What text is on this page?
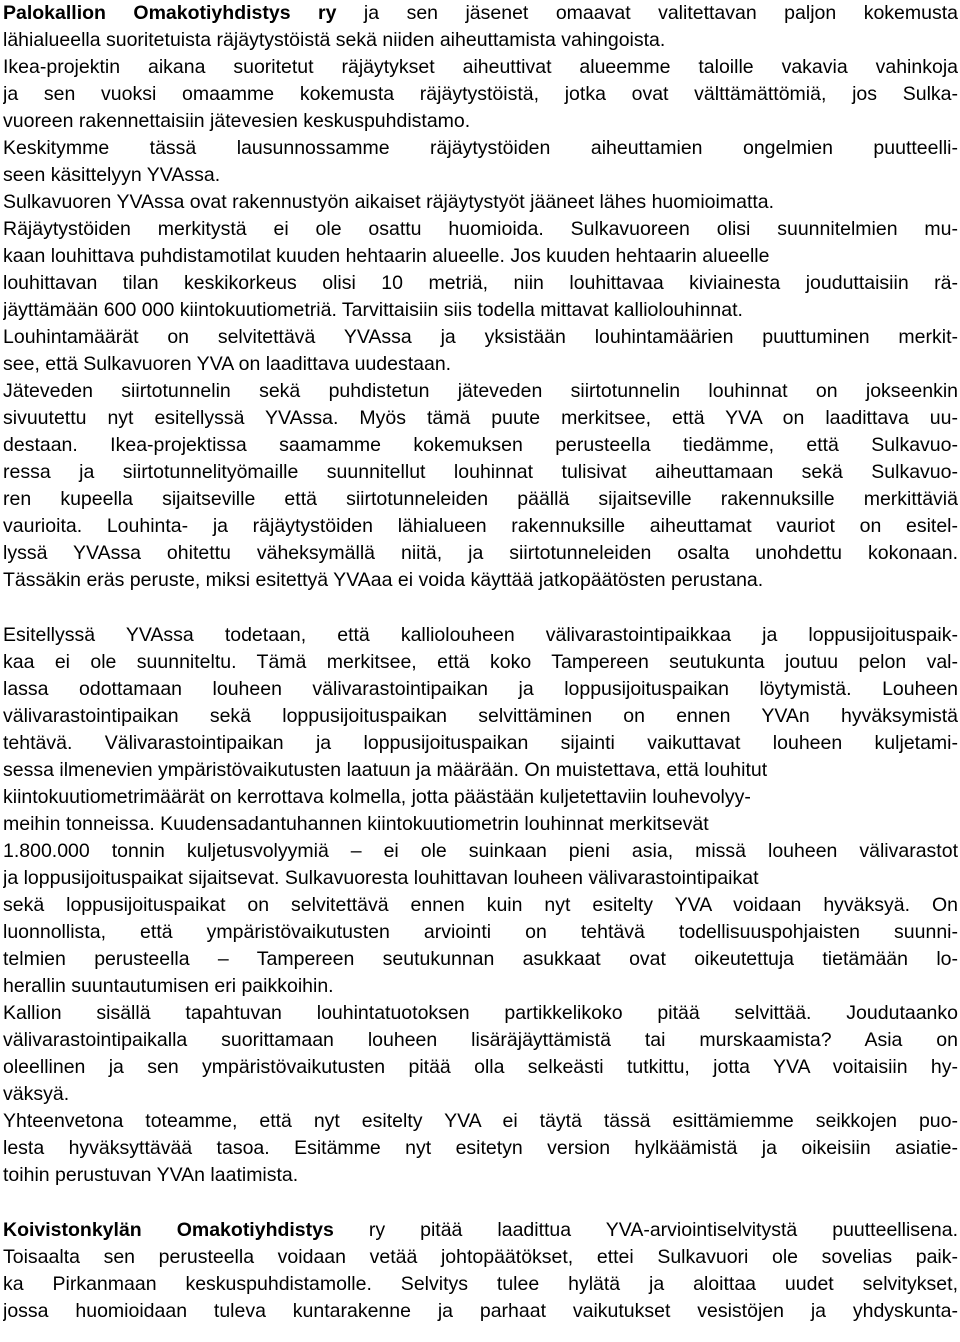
Palokallion Omakotiyhdistys ry ja sen jäsenet omaavat valitettavan paljon kokemusta
lähialueella suoritetuista räjäytystöistä sekä niiden aiheuttamista vahingoista.
Ikea-projektin aikana suoritetut räjäytykset aiheuttivat alueemme taloille vakavia vahinkoja
ja sen vuoksi omaamme kokemusta räjäytystöistä, jotka ovat välttämättömiä, jos Sulka-
vuoreen rakennettaisiin jätevesien keskuspuhdistamo.
Keskitymme tässä lausunnossamme räjäytystöiden aiheuttamien ongelmien puutteelli-
seen käsittelyyn YVAssa.
Sulkavuoren YVAssa ovat rakennustyön aikaiset räjäytystyöt jääneet lähes huomioimatta.
Räjäytystöiden merkitystä ei ole osattu huomioida. Sulkavuoreen olisi suunnitelmien mu-
kaan louhittava puhdistamotilat kuuden hehtaarin alueelle. Jos kuuden hehtaarin alueelle
louhittavan tilan keskikorkeus olisi 10 metriä, niin louhittavaa kiviainesta jouduttaisiin rä-
jäyttämään 600 000 kiintokuutiometriä. Tarvittaisiin siis todella mittavat kalliolouhinnat.
Louhintamäärät on selvitettävä YVAssa ja yksistään louhintamäärien puuttuminen merkit-
see, että Sulkavuoren YVA on laadittava uudestaan.
Jäteveden siirtotunnelin sekä puhdistetun jäteveden siirtotunnelin louhinnat on jokseenkin
sivuutettu nyt esitellyssä YVAssa. Myös tämä puute merkitsee, että YVA on laadittava uu-
destaan. Ikea-projektissa saamamme kokemuksen perusteella tiedämme, että Sulkavuo-
ressa ja siirtotunnelityömaille suunnitellut louhinnat tulisivat aiheuttamaan sekä Sulkavuo-
ren kupeella sijaitseville että siirtotunneleiden päällä sijaitseville rakennuksille merkittäviä
vaurioita. Louhinta- ja räjäytystöiden lähialueen rakennuksille aiheuttamat vauriot on esitel-
lyssä YVAssa ohitettu väheksymällä niitä, ja siirtotunneleiden osalta unohdettu kokonaan.
Tässäkin eräs peruste, miksi esitettyä YVAaa ei voida käyttää jatkopäätösten perustana.
Esitellyssä YVAssa todetaan, että kalliolouheen välivarastointipaikkaa ja loppusijoituspaik-
kaa ei ole suunniteltu. Tämä merkitsee, että koko Tampereen seutukunta joutuu pelon val-
lassa odottamaan louheen välivarastointipaikan ja loppusijoituspaikan löytymistä. Louheen
välivarastointipaikan sekä loppusijoituspaikan selvittäminen on ennen YVAn hyväksymistä
tehtävä. Välivarastointipaikan ja loppusijoituspaikan sijainti vaikuttavat louheen kuljetami-
sessa ilmenevien ympäristövaikutusten laatuun ja määrään. On muistettava, että louhitut
kiintokuutiometrimäärät on kerrottava kolmella, jotta päästään kuljetettaviin louhevolyy-
meihin tonneissa. Kuudensadantuhannen kiintokuutiometrin louhinnat merkitsevät
1.800.000 tonnin kuljetusvolyymiä – ei ole suinkaan pieni asia, missä louheen välivarastot
ja loppusijoituspaikat sijaitsevat. Sulkavuoresta louhittavan louheen välivarastointipaikat
sekä loppusijoituspaikat on selvitettävä ennen kuin nyt esitelty YVA voidaan hyväksyä. On
luonnollista, että ympäristövaikutusten arviointi on tehtävä todellisuuspohjaisten suunni-
telmien perusteella – Tampereen seutukunnan asukkaat ovat oikeutettuja tietämään lo-
herallin suuntautumisen eri paikkoihin.
Kallion sisällä tapahtuvan louhintatuotoksen partikkelikoko pitää selvittää. Joudutaanko
välivarastointipaikalla suorittamaan louheen lisäräjäyttämistä tai murskaamista? Asia on
oleellinen ja sen ympäristövaikutusten pitää olla selkeästi tutkittu, jotta YVA voitaisiin hy-
väksyä.
Yhteenvetona toteamme, että nyt esitelty YVA ei täytä tässä esittämiemme seikkojen puo-
lesta hyväksyttävää tasoa. Esitämme nyt esitetyn version hylkäämistä ja oikeisiin asiatie-
toihin perustuvan YVAn laatimista.
Koivistonkylän Omakotiyhdistys ry pitää laadittua YVA-arviointiselvitystä puutteellisena.
Toisaalta sen perusteella voidaan vetää johtopäätökset, ettei Sulkavuori ole sovelias paik-
ka Pirkanmaan keskuspuhdistamolle. Selvitys tulee hylätä ja aloittaa uudet selvitykset,
jossa huomioidaan tuleva kuntarakenne ja parhaat vaikutukset vesistöjen ja yhdyskunta-
